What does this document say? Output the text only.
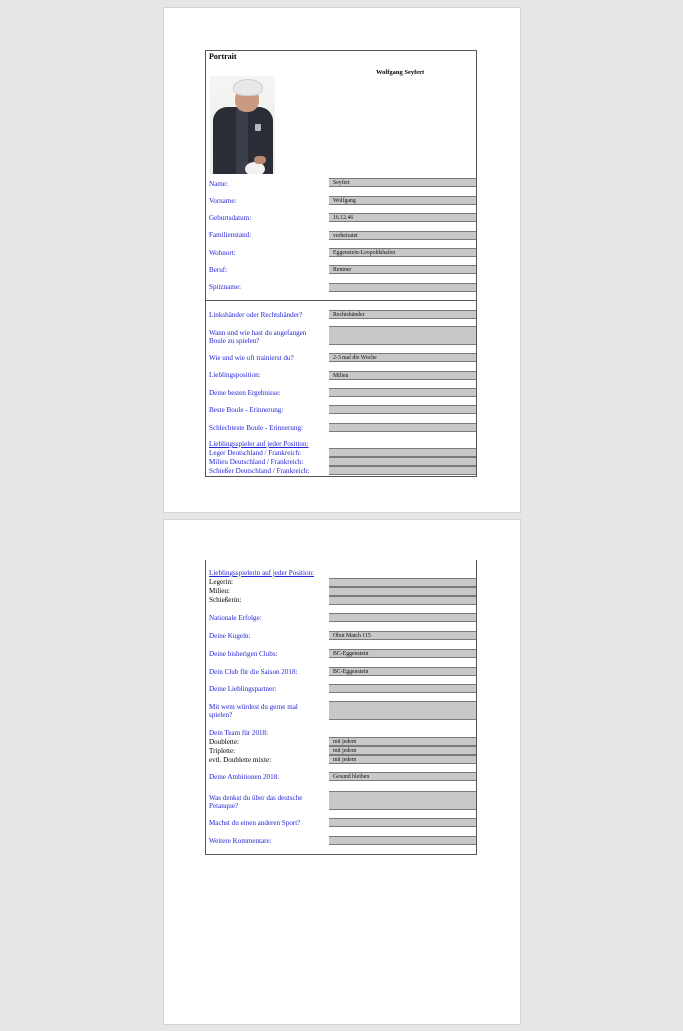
Portrait
Wolfgang Seyfert
Name:	Seyfert
Vorname:	Wolfgang
Geburtsdatum:	16.12.46
Familienstand:	verheiratet
Wohnort:	Eggenstein-Leopoldshafen
Beruf:	Rentner
Spitzname:
Linkshänder oder Rechtshänder?	Rechtshänder
Wann und wie hast du angefangen
Boule zu spielen?
Wie und wie oft trainierst du?	2-3 mal die Woche
Lieblingsposition:	Milieu
Deine besten Ergebnisse:
Beste Boule - Erinnerung:
Schlechteste Boule - Erinnerung:
Lieblingsspieler auf jeder Position:
Leger Deutschland / Frankreich:
Milieu Deutschland / Frankreich:
Schießer Deutschland / Frankreich:
Lieblingsspielerin auf jeder Position:
Legerin:
Milieu:
Schießerin:
Nationale Erfolge:
Deine Kugeln:	Obut Match 115
Deine bisherigen Clubs:	BC-Eggenstein
Dein Club für die Saison 2018:	BC-Eggenstein
Deine Lieblingspartner:
Mit wem würdest du gerne mal
spielen?
Dein Team für 2018:
Doublette:	mit jedem
Triplette:	mit jedem
evtl. Doublette mixte:	mit jedem
Deine Ambitionen 2018:	Gesund bleiben
Was denkst du über das deutsche
Petanque?
Machst du einen anderen Sport?
Weitere Kommentare:
